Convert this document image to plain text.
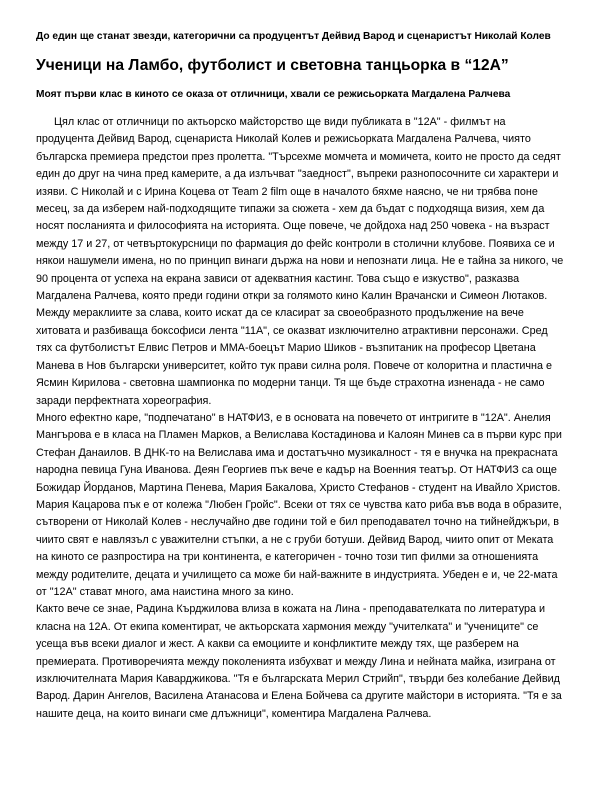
До един ще станат звезди, категорични са продуцентът Дейвид Варод и сценаристът Николай Колев
Ученици на Ламбо, футболист и световна танцьорка в “12А”
Моят първи клас в киното се оказа от отличници, хвали се режисьорката Магдалена Ралчева

Цял клас от отличници по актьорско майсторство ще види публиката в "12А" - филмът на продуцента Дейвид Варод, сценариста Николай Колев и режисьорката Магдалена Ралчева, чиято българска премиера предстои през пролетта. "Търсехме момчета и момичета, които не просто да седят един до друг на чина пред камерите, а да излъчват "заедност", въпреки разнопосочните си характери и изяви. С Николай и с Ирина Коцева от Team 2 film още в началото бяхме наясно, че ни трябва поне месец, за да изберем най-подходящите типажи за сюжета - хем да бъдат с подходяща визия, хем да носят посланията и философията на историята. Още повече, че дойдоха над 250 човека - на възраст между 17 и 27, от четвъртокурсници по фармация до фейс контроли в столични клубове. Появиха се и някои нашумели имена, но по принцип винаги държа на нови и непознати лица. Не е тайна за никого, че 90 процента от успеха на екрана зависи от адекватния кастинг. Това също е изкуство", разказва Магдалена Ралчева, която преди години откри за голямото кино Калин Врачански и Симеон Лютаков. Между мераклиите за слава, които искат да се класират за своеобразното продължение на вече хитовата и разбиваща боксофиси лента "11А", се оказват изключително атрактивни персонажи. Сред тях са футболистът Елвис Петров и ММА-боецът Марио Шиков - възпитаник на професор Цветана Манева в Нов български университет, който тук прави силна роля. Повече от колоритна и пластична е Ясмин Кирилова - световна шампионка по модерни танци. Тя ще бъде страхотна изненада - не само заради перфектната хореография.

Много ефектно каре, "подпечатано" в НАТФИЗ, е в основата на повечето от интригите в "12А". Анелия Мангърова е в класа на Пламен Марков, а Велислава Костадинова и Калоян Минев са в първи курс при Стефан Данаилов. В ДНК-то на Велислава има и достатъчно музикалност - тя е внучка на прекрасната народна певица Гуна Иванова. Деян Георгиев пък вече е кадър на Военния театър. От НАТФИЗ са още Божидар Йорданов, Мартина Пенева, Мария Бакалова, Христо Стефанов - студент на Ивайло Христов. Мария Кацарова пък е от колежа "Любен Гройс". Всеки от тях се чувства като риба във вода в образите, сътворени от Николай Колев - неслучайно две години той е бил преподавател точно на тийнейджъри, в чиито свят е навлязъл с уважителни стъпки, а не с груби ботуши. Дейвид Варод, чиито опит от Меката на киното се разпростира на три континента, е категоричен - точно този тип филми за отношенията между родителите, децата и училището са може би най-важните в индустрията. Убеден е и, че 22-мата от "12А" стават много, ама наистина много за кино.

Както вече се знае, Радина Кърджилова влиза в кожата на Лина - преподавателката по литература и класна на 12А. От екипа коментират, че актьорската хармония между "учителката" и "учениците" се усеща във всеки диалог и жест. А какви са емоциите и конфликтите между тях, ще разберем на премиерата. Противоречията между поколенията избухват и между Лина и нейната майка, изиграна от изключителната Мария Каварджикова. "Тя е българската Мерил Стрийп", твърди без колебание Дейвид Варод. Дарин Ангелов, Василена Атанасова и Елена Бойчева са другите майстори в историята. "Тя е за нашите деца, на които винаги сме длъжници", коментира Магдалена Ралчева.
